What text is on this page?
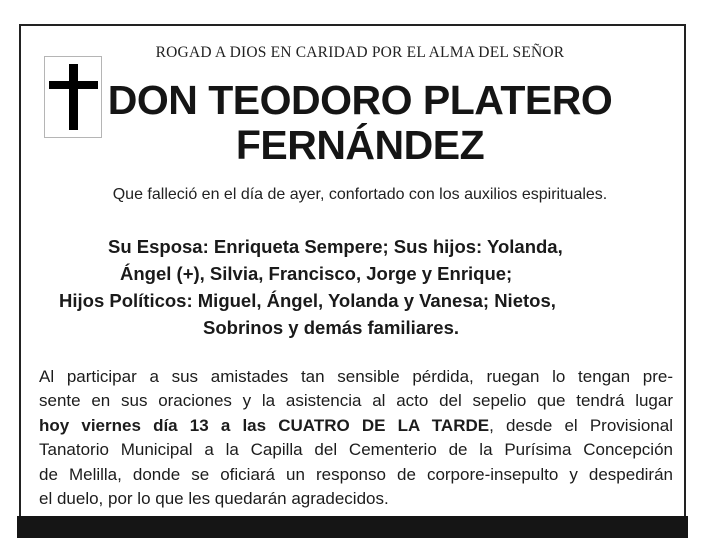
ROGAD A DIOS EN CARIDAD POR EL ALMA DEL SEÑOR
DON TEODORO PLATERO
FERNÁNDEZ
Que falleció en el día de ayer, confortado con los auxilios espirituales.
Su Esposa: Enriqueta Sempere; Sus hijos: Yolanda,
Ángel (+), Silvia, Francisco, Jorge y Enrique;
Hijos Políticos: Miguel, Ángel, Yolanda y Vanesa; Nietos,
Sobrinos y demás familiares.
Al participar a sus amistades tan sensible pérdida, ruegan lo tengan pre-
sente en sus oraciones y la asistencia al acto del sepelio que tendrá lugar
hoy viernes día 13 a las CUATRO DE LA TARDE, desde el Provisional
Tanatorio Municipal a la Capilla del Cementerio de la Purísima Concepción
de Melilla, donde se oficiará un responso de corpore-insepulto y despedirán
el duelo, por lo que les quedarán agradecidos.
